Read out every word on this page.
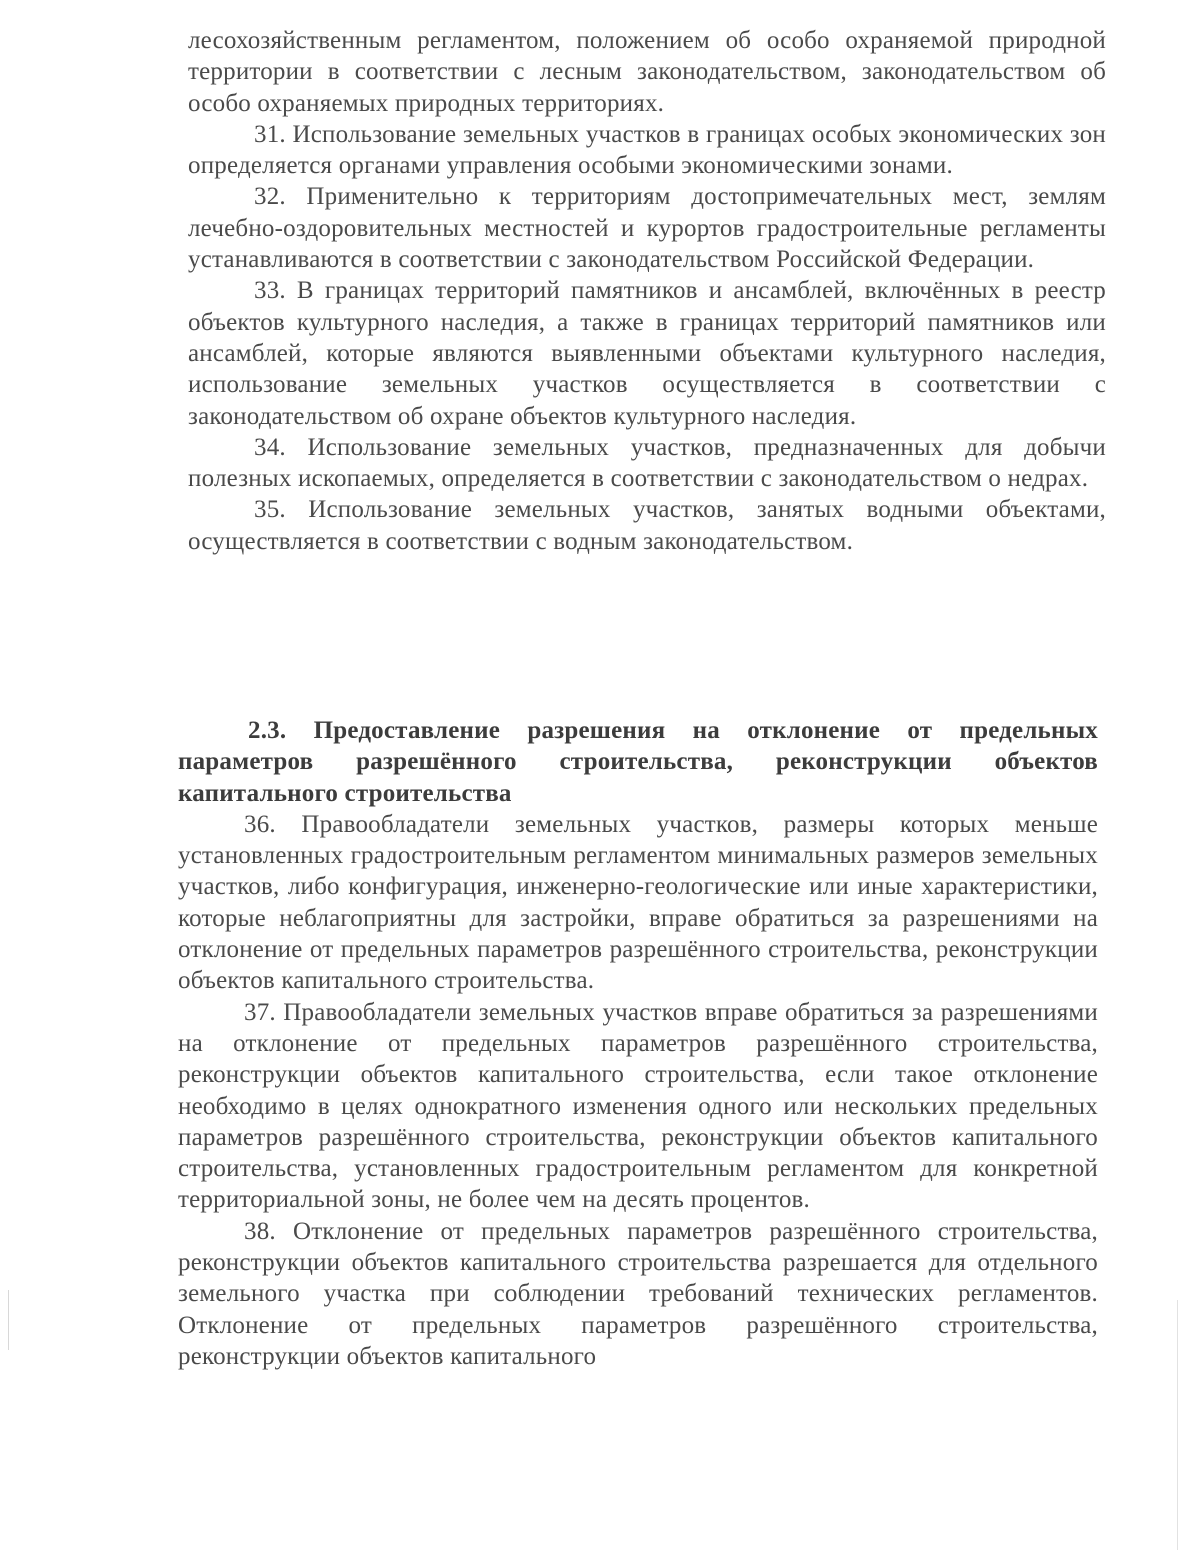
лесохозяйственным регламентом, положением об особо охраняемой природной территории в соответствии с лесным законодательством, законодательством об особо охраняемых природных территориях.

31. Использование земельных участков в границах особых экономических зон определяется органами управления особыми экономическими зонами.

32. Применительно к территориям достопримечательных мест, землям лечебно-оздоровительных местностей и курортов градостроительные регламенты устанавливаются в соответствии с законодательством Российской Федерации.

33. В границах территорий памятников и ансамблей, включённых в реестр объектов культурного наследия, а также в границах территорий памятников или ансамблей, которые являются выявленными объектами культурного наследия, использование земельных участков осуществляется в соответствии с законодательством об охране объектов культурного наследия.

34. Использование земельных участков, предназначенных для добычи полезных ископаемых, определяется в соответствии с законодательством о недрах.

35. Использование земельных участков, занятых водными объектами, осуществляется в соответствии с водным законодательством.

2.3. Предоставление разрешения на отклонение от предельных параметров разрешённого строительства, реконструкции объектов капитального строительства

36. Правообладатели земельных участков, размеры которых меньше установленных градостроительным регламентом минимальных размеров земельных участков, либо конфигурация, инженерно-геологические или иные характеристики, которые неблагоприятны для застройки, вправе обратиться за разрешениями на отклонение от предельных параметров разрешённого строительства, реконструкции объектов капитального строительства.

37. Правообладатели земельных участков вправе обратиться за разрешениями на отклонение от предельных параметров разрешённого строительства, реконструкции объектов капитального строительства, если такое отклонение необходимо в целях однократного изменения одного или нескольких предельных параметров разрешённого строительства, реконструкции объектов капитального строительства, установленных градостроительным регламентом для конкретной территориальной зоны, не более чем на десять процентов.

38. Отклонение от предельных параметров разрешённого строительства, реконструкции объектов капитального строительства разрешается для отдельного земельного участка при соблюдении требований технических регламентов. Отклонение от предельных параметров разрешённого строительства, реконструкции объектов капитального
